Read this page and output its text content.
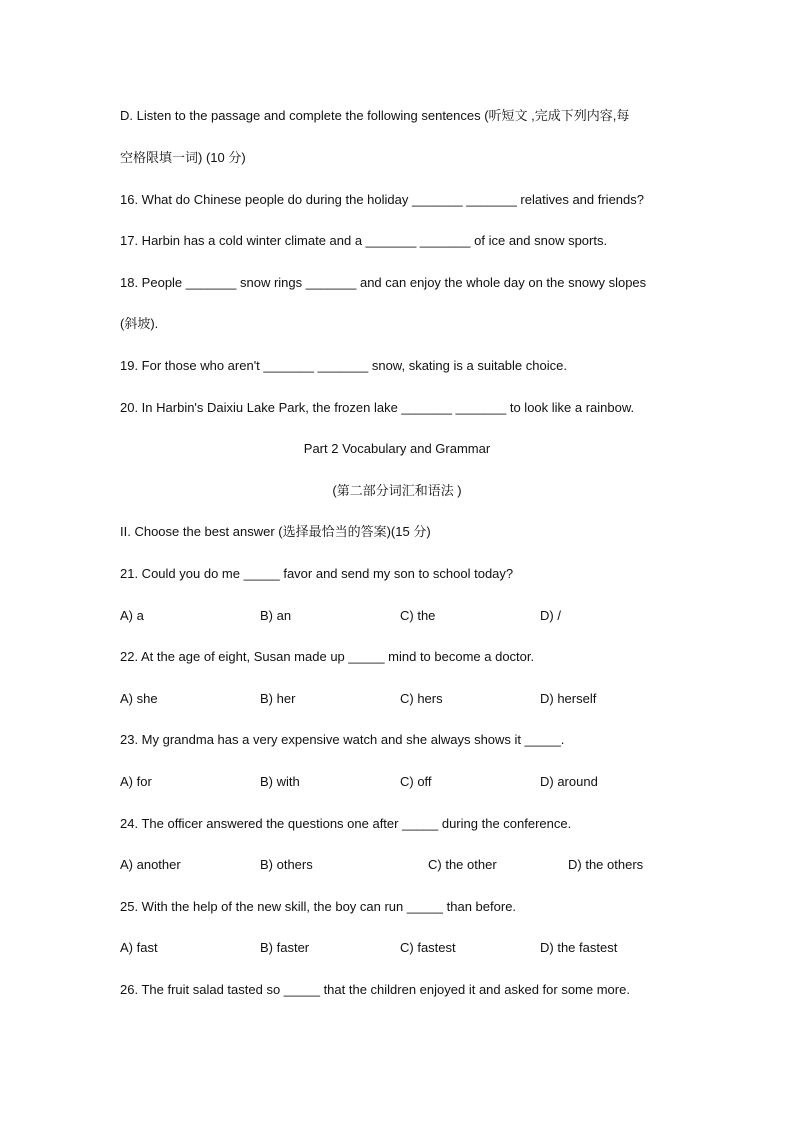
D. Listen to the passage and complete the following sentences (听短文 ,完成下列内容,每
空格限填一词) (10 分)
16. What do Chinese people do during the holiday _______ _______ relatives and friends?
17. Harbin has a cold winter climate and a _______ _______ of ice and snow sports.
18. People _______ snow rings _______ and can enjoy the whole day on the snowy slopes
(斜坡).
19. For those who aren't _______ _______ snow, skating is a suitable choice.
20. In Harbin's Daixiu Lake Park, the frozen lake _______ _______ to look like a rainbow.
Part 2 Vocabulary and Grammar
(第二部分词汇和语法 )
II. Choose the best answer (选择最恰当的答案)(15 分)
21. Could you do me _____ favor and send my son to school today?
A) a	B) an	C) the	D) /
22. At the age of eight, Susan made up _____ mind to become a doctor.
A) she	B) her	C) hers	D) herself
23. My grandma has a very expensive watch and she always shows it _____.
A) for	B) with	C) off	D) around
24. The officer answered the questions one after _____ during the conference.
A) another	B) others	C) the other	D) the others
25. With the help of the new skill, the boy can run _____ than before.
A) fast	B) faster	C) fastest	D) the fastest
26. The fruit salad tasted so _____ that the children enjoyed it and asked for some more.
